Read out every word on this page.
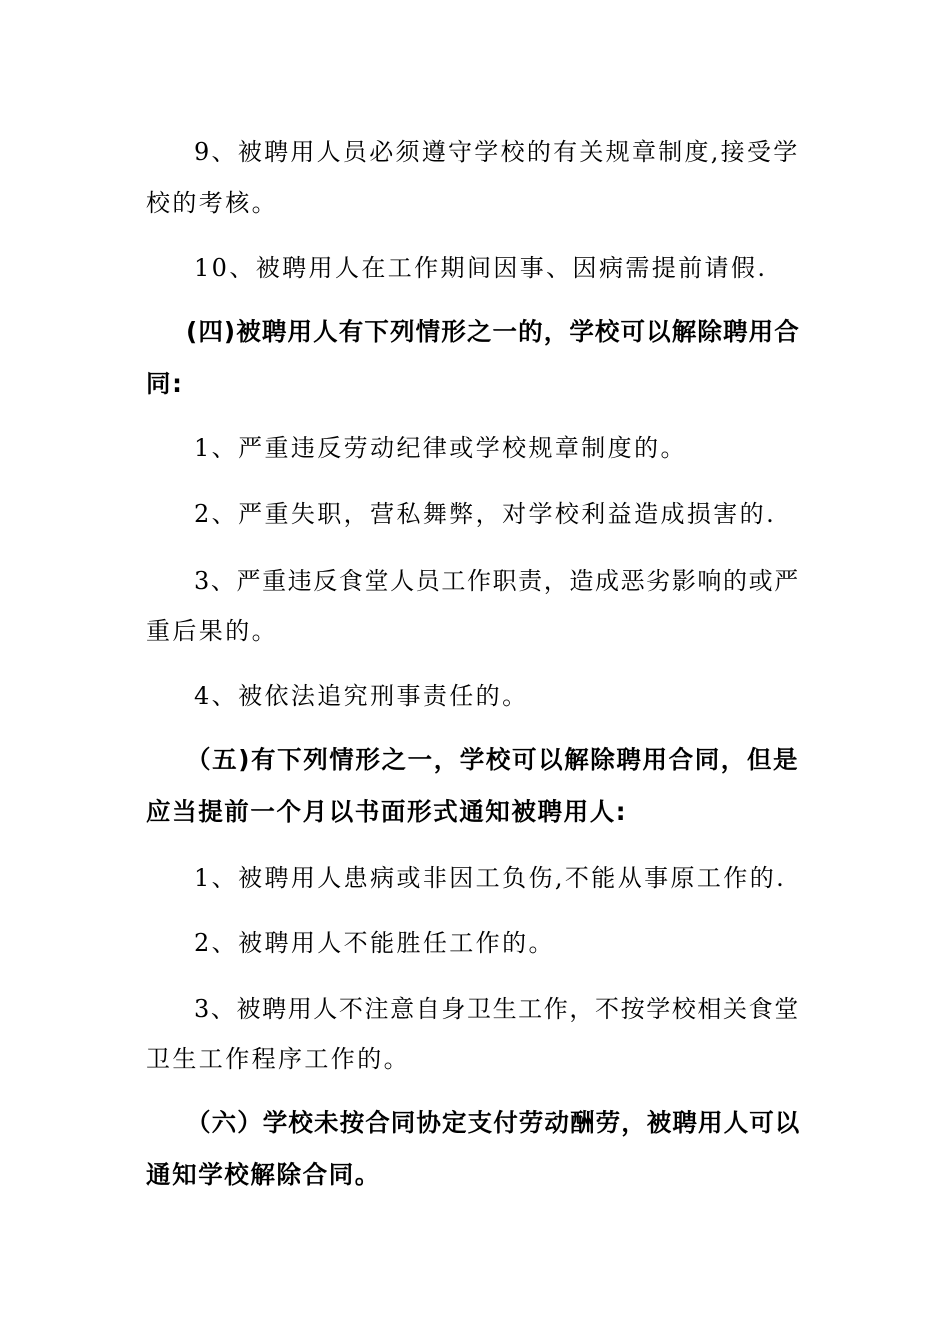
9、被聘用人员必须遵守学校的有关规章制度,接受学
校的考核。
10、被聘用人在工作期间因事、因病需提前请假.
(四)被聘用人有下列情形之一的，学校可以解除聘用合
同:
1、严重违反劳动纪律或学校规章制度的。
2、严重失职，营私舞弊，对学校利益造成损害的.
3、严重违反食堂人员工作职责，造成恶劣影响的或严
重后果的。
4、被依法追究刑事责任的。
（五)有下列情形之一，学校可以解除聘用合同，但是
应当提前一个月以书面形式通知被聘用人:
1、被聘用人患病或非因工负伤,不能从事原工作的.
2、被聘用人不能胜任工作的。
3、被聘用人不注意自身卫生工作，不按学校相关食堂
卫生工作程序工作的。
（六）学校未按合同协定支付劳动酬劳，被聘用人可以
通知学校解除合同。
